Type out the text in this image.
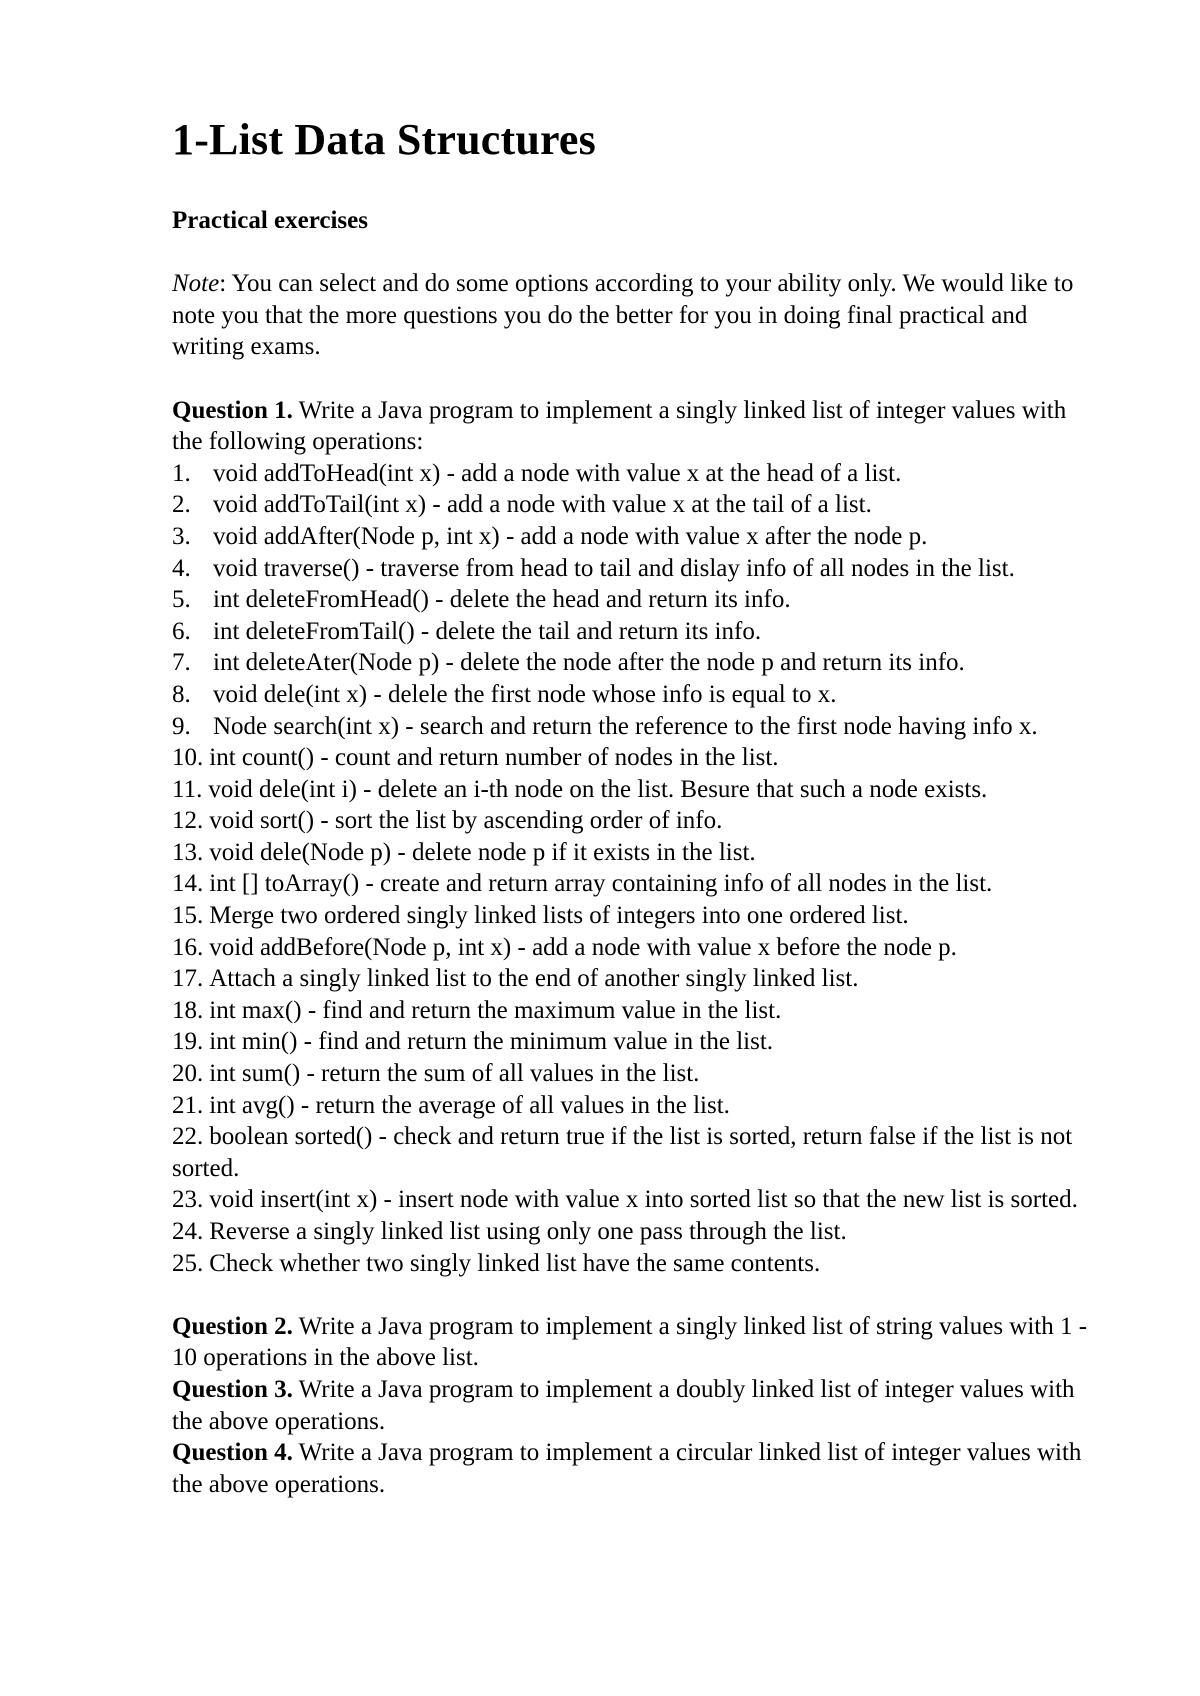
1-List Data Structures
Practical exercises

Note: You can select and do some options according to your ability only. We would like to note you that the more questions you do the better for you in doing final practical and writing exams.

Question 1. Write a Java program to implement a singly linked list of integer values with the following operations:

1. void addToHead(int x) - add a node with value x at the head of a list.
2. void addToTail(int x) - add a node with value x at the tail of a list.
3. void addAfter(Node p, int x) - add a node with value x after the node p.
4. void traverse() - traverse from head to tail and dislay info of all nodes in the list.
5. int deleteFromHead() - delete the head and return its info.
6. int deleteFromTail() - delete the tail and return its info.
7. int deleteAter(Node p) - delete the node after the node p and return its info.
8. void dele(int x) - delele the first node whose info is equal to x.
9. Node search(int x) - search and return the reference to the first node having info x.
10. int count() - count and return number of nodes in the list.
11. void dele(int i) - delete an i-th node on the list. Besure that such a node exists.
12. void sort() - sort the list by ascending order of info.
13. void dele(Node p) - delete node p if it exists in the list.
14. int [] toArray() - create and return array containing info of all nodes in the list.
15. Merge two ordered singly linked lists of integers into one ordered list.
16. void addBefore(Node p, int x) - add a node with value x before the node p.
17. Attach a singly linked list to the end of another singly linked list.
18. int max() - find and return the maximum value in the list.
19. int min() - find and return the minimum value in the list.
20. int sum() - return the sum of all values in the list.
21. int avg() - return the average of all values in the list.
22. boolean sorted() - check and return true if the list is sorted, return false if the list is not sorted.
23. void insert(int x) - insert node with value x into sorted list so that the new list is sorted.
24. Reverse a singly linked list using only one pass through the list.
25. Check whether two singly linked list have the same contents.

Question 2. Write a Java program to implement a singly linked list of string values with 1 - 10 operations in the above list.

Question 3. Write a Java program to implement a doubly linked list of integer values with the above operations.

Question 4. Write a Java program to implement a circular linked list of integer values with the above operations.
